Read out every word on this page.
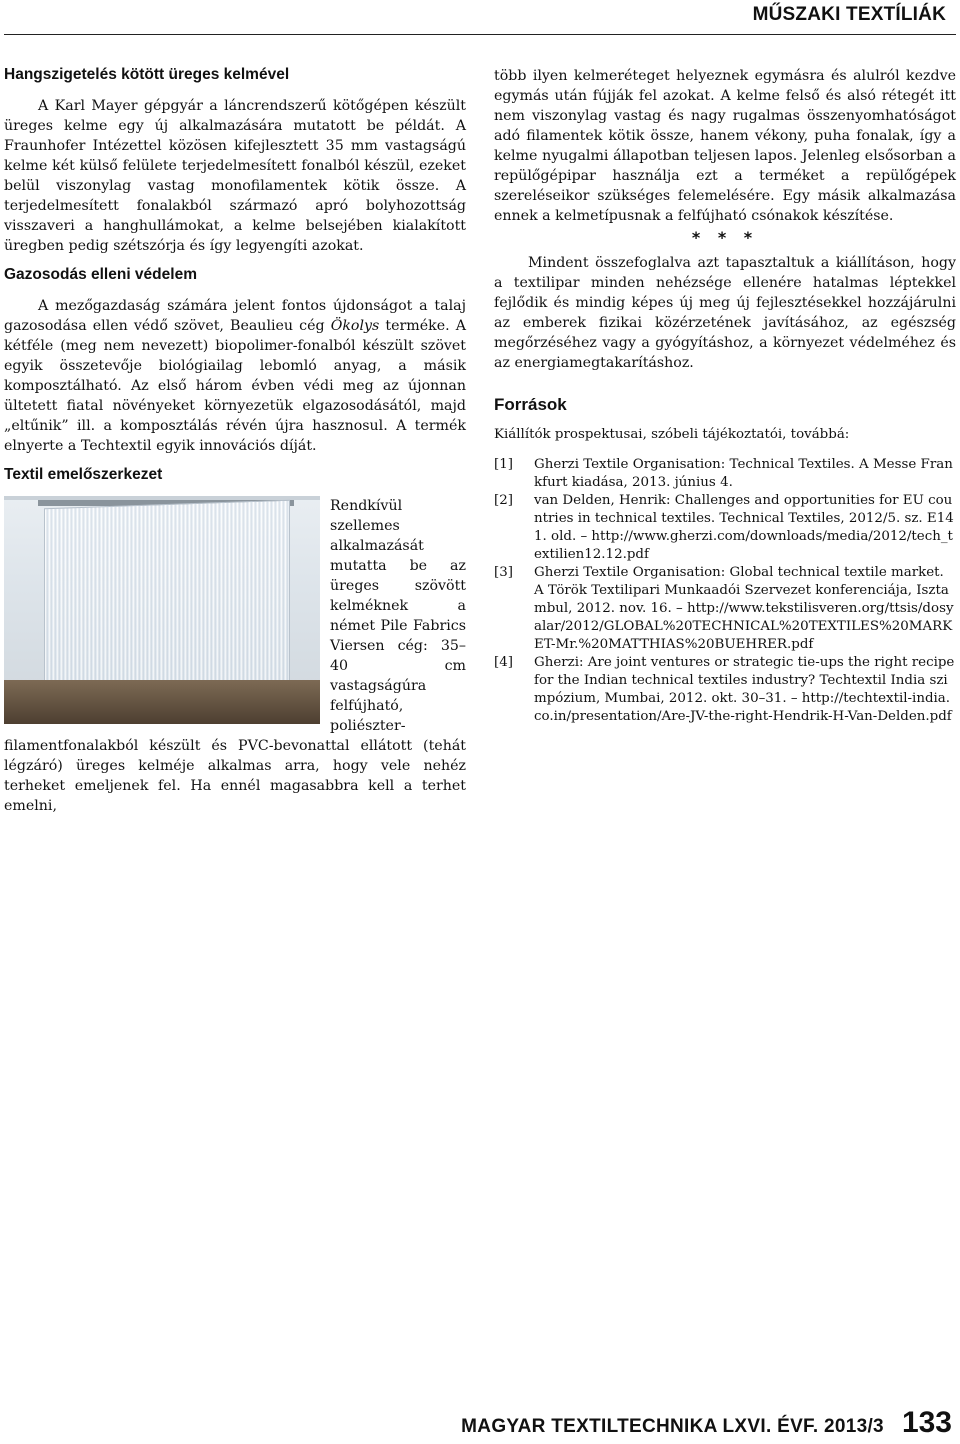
MŰSZAKI TEXTÍLIÁK
Hangszigetelés kötött üreges kelmével

A Karl Mayer gépgyár a láncrendszerű kötőgépen készült üreges kelme egy új alkalmazására mutatott be példát. A Fraunhofer Intézettel közösen kifejlesztett 35 mm vastagságú kelme két külső felülete terjedelmesített fonalból készül, ezeket belül viszonylag vastag monofilamentek kötik össze. A terjedelmesített fonalakból származó apró bolyhozottság visszaveri a hanghullámokat, a kelme belsejében kialakított üregben pedig szétszórja és így legyengíti azokat.

Gazosodás elleni védelem

A mezőgazdaság számára jelent fontos újdonságot a talaj gazosodása ellen védő szövet, Beaulieu cég Ökolys terméke. A kétféle (meg nem nevezett) biopolimer-fonalból készült szövet egyik összetevője biológiailag lebomló anyag, a másik komposztálható. Az első három évben védi meg az újonnan ültetett fiatal növényeket környezetük elgazosodásától, majd „eltűnik” ill. a komposztálás révén újra hasznosul. A termék elnyerte a Techtextil egyik innovációs díját.

Textil emelőszerkezet

Rendkívül szellemes alkalmazását mutatta be az üreges szövött kelméknek a német Pile Fabrics Viersen cég: 35–40 cm vastagságúra felfújható, poliészter-filamentfonalakból készült és PVC-bevonattal ellátott (tehát légzáró) üreges kelméje alkalmas arra, hogy vele nehéz terheket emeljenek fel. Ha ennél magasabbra kell a terhet emelni,

több ilyen kelmeréteget helyeznek egymásra és alulról kezdve egymás után fújják fel azokat. A kelme felső és alsó rétegét itt nem viszonylag vastag és nagy rugalmas összenyomhatóságot adó filamentek kötik össze, hanem vékony, puha fonalak, így a kelme nyugalmi állapotban teljesen lapos. Jelenleg elsősorban a repülőgépipar használja ezt a terméket a repülőgépek szereléseikor szükséges felemelésére. Egy másik alkalmazása ennek a kelmetípusnak a felfújható csónakok készítése.

* * *

Mindent összefoglalva azt tapasztaltuk a kiállításon, hogy a textilipar minden nehézsége ellenére hatalmas léptekkel fejlődik és mindig képes új meg új fejlesztésekkel hozzájárulni az emberek fizikai közérzetének javításához, az egészség megőrzéséhez vagy a gyógyításhoz, a környezet védelméhez és az energiamegtakarításhoz.

Források

Kiállítók prospektusai, szóbeli tájékoztatói, továbbá:

[1]	Gherzi Textile Organisation: Technical Textiles. A Messe Frankfurt kiadása, 2013. június 4.
[2]	van Delden, Henrik: Challenges and opportunities for EU countries in technical textiles. Technical Textiles, 2012/5. sz. E141. old. – http://www.gherzi.com/downloads/media/2012/tech_textilien12.12.pdf
[3]	Gherzi Textile Organisation: Global technical textile market. A Török Textilipari Munkaadói Szervezet konferenciája, Isztambul, 2012. nov. 16. – http://www.tekstilisveren.org/ttsis/dosyalar/2012/GLOBAL%20TECHNICAL%20TEXTILES%20MARKET-Mr.%20MATTHIAS%20BUEHRER.pdf
[4]	Gherzi: Are joint ventures or strategic tie-ups the right recipe for the Indian technical textiles industry? Techtextil India szimpózium, Mumbai, 2012. okt. 30–31. – http://techtextil-india.co.in/presentation/Are-JV-the-right-Hendrik-H-Van-Delden.pdf
MAGYAR TEXTILTECHNIKA LXVI. ÉVF. 2013/3 133
